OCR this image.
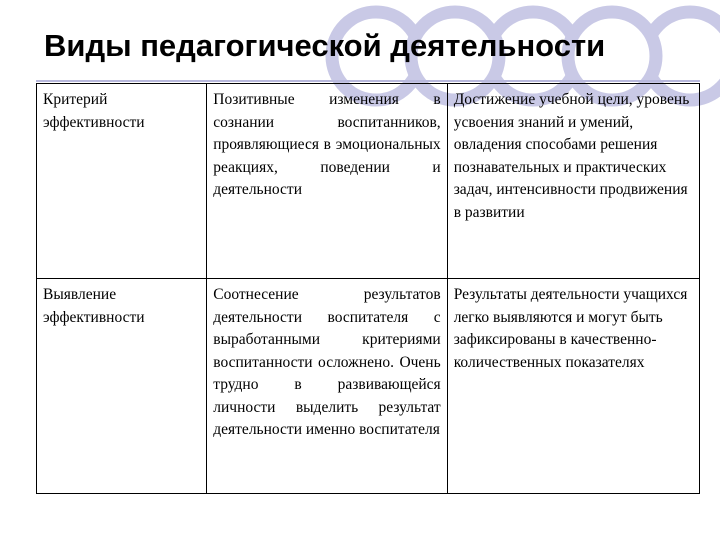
Виды педагогической деятельности
Критерий эффективности	Позитивные изменения в сознании воспитанников, проявляющиеся в эмоциональных реакциях, поведении и деятельности	Достижение учебной цели, уровень усвоения знаний и умений, овладения способами решения познавательных и практических задач, интенсивности продвижения в развитии
Выявление эффективности	Соотнесение результатов деятельности воспитателя с выработанными критериями воспитанности осложнено. Очень трудно в развивающейся личности выделить результат деятельности именно воспитателя	Результаты деятельности учащихся легко выявляются и могут быть зафиксированы в качественно-количественных показателях
